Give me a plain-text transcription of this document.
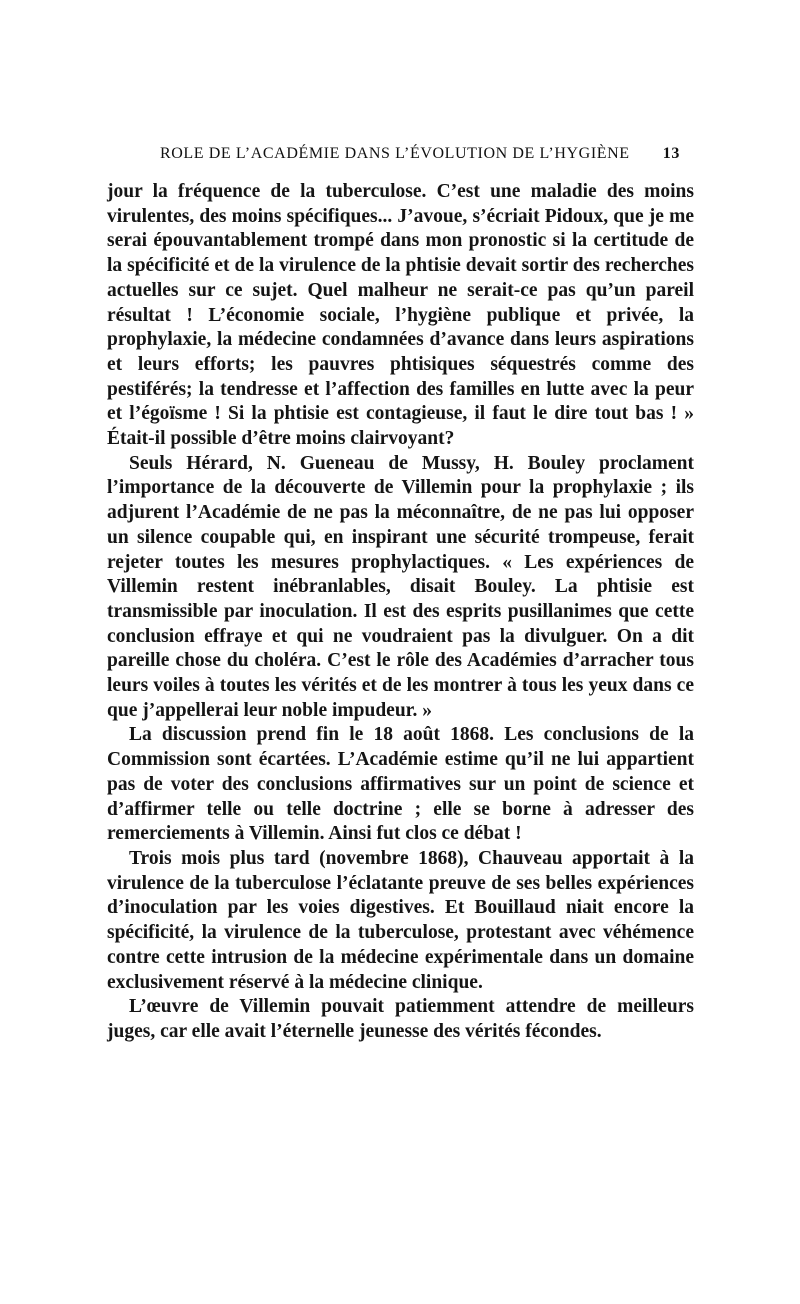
ROLE DE L’ACADÉMIE DANS L’ÉVOLUTION DE L’HYGIÈNE 13

jour la fréquence de la tuberculose. C’est une maladie des moins virulentes, des moins spécifiques... J’avoue, s’écriait Pidoux, que je me serai épouvantablement trompé dans mon pronostic si la certitude de la spécificité et de la virulence de la phtisie devait sortir des recherches actuelles sur ce sujet. Quel malheur ne serait-ce pas qu’un pareil résultat ! L’économie sociale, l’hygiène publique et privée, la prophylaxie, la médecine condamnées d’avance dans leurs aspirations et leurs efforts; les pauvres phtisiques séquestrés comme des pestiférés; la tendresse et l’affection des familles en lutte avec la peur et l’égoïsme ! Si la phtisie est contagieuse, il faut le dire tout bas ! » Était-il possible d’être moins clairvoyant?

Seuls Hérard, N. Gueneau de Mussy, H. Bouley proclament l’importance de la découverte de Villemin pour la prophylaxie ; ils adjurent l’Académie de ne pas la méconnaître, de ne pas lui opposer un silence coupable qui, en inspirant une sécurité trompeuse, ferait rejeter toutes les mesures prophylactiques. « Les expériences de Villemin restent inébranlables, disait Bouley. La phtisie est transmissible par inoculation. Il est des esprits pusillanimes que cette conclusion effraye et qui ne voudraient pas la divulguer. On a dit pareille chose du choléra. C’est le rôle des Académies d’arracher tous leurs voiles à toutes les vérités et de les montrer à tous les yeux dans ce que j’appellerai leur noble impudeur. »

La discussion prend fin le 18 août 1868. Les conclusions de la Commission sont écartées. L’Académie estime qu’il ne lui appartient pas de voter des conclusions affirmatives sur un point de science et d’affirmer telle ou telle doctrine ; elle se borne à adresser des remerciements à Villemin. Ainsi fut clos ce débat !

Trois mois plus tard (novembre 1868), Chauveau apportait à la virulence de la tuberculose l’éclatante preuve de ses belles expériences d’inoculation par les voies digestives. Et Bouillaud niait encore la spécificité, la virulence de la tuberculose, protestant avec véhémence contre cette intrusion de la médecine expérimentale dans un domaine exclusivement réservé à la médecine clinique.

L’œuvre de Villemin pouvait patiemment attendre de meilleurs juges, car elle avait l’éternelle jeunesse des vérités fécondes.
